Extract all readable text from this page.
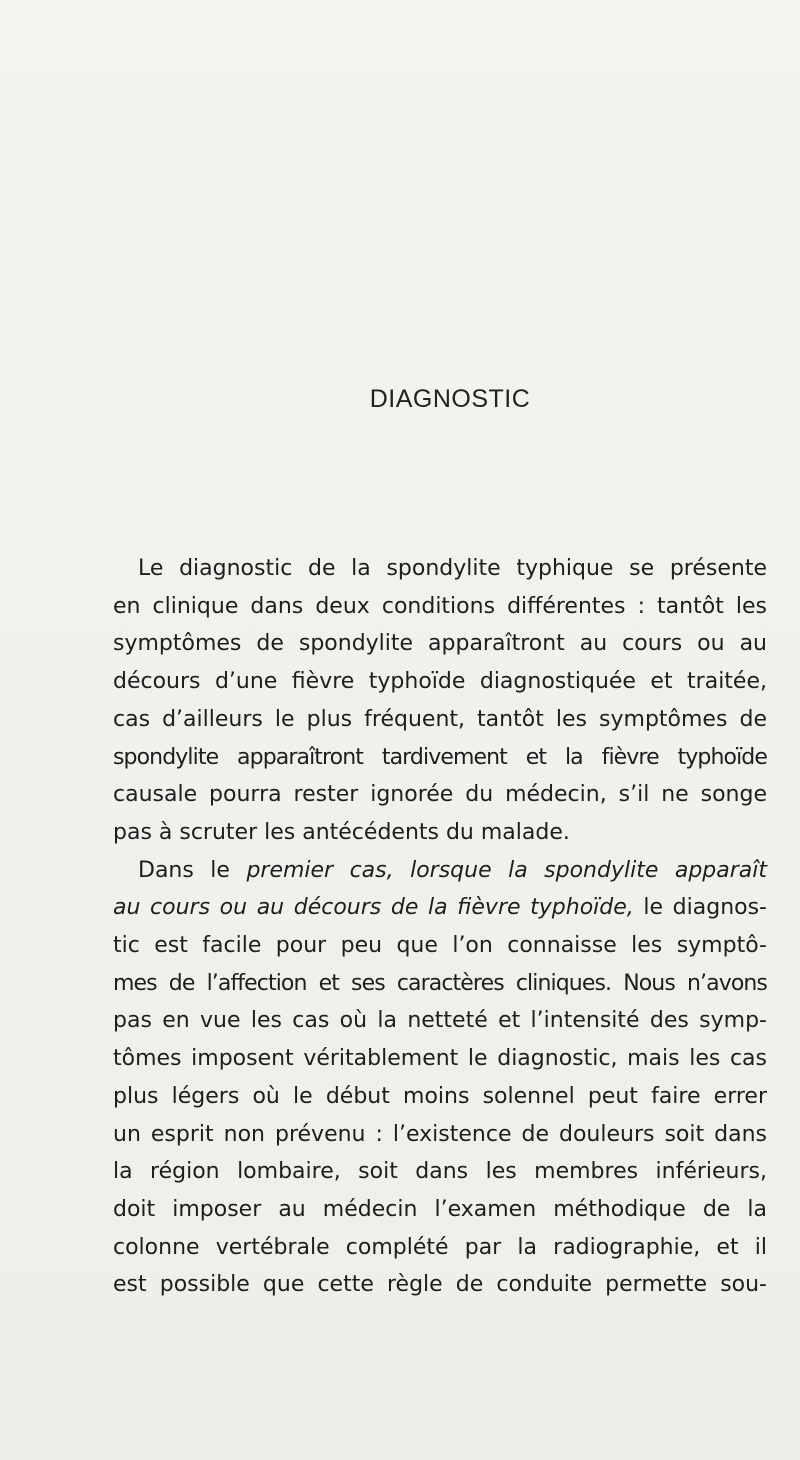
DIAGNOSTIC
Le diagnostic de la spondylite typhique se présente
en clinique dans deux conditions différentes : tantôt les
symptômes de spondylite apparaîtront au cours ou au
décours d’une fièvre typhoïde diagnostiquée et traitée,
cas d’ailleurs le plus fréquent, tantôt les symptômes de
spondylite apparaîtront tardivement et la fièvre typhoïde
causale pourra rester ignorée du médecin, s’il ne songe
pas à scruter les antécédents du malade.
Dans le premier cas, lorsque la spondylite apparaît
au cours ou au décours de la fièvre typhoïde, le diagnos-
tic est facile pour peu que l’on connaisse les symptô-
mes de l’affection et ses caractères cliniques. Nous n’avons
pas en vue les cas où la netteté et l’intensité des symp-
tômes imposent véritablement le diagnostic, mais les cas
plus légers où le début moins solennel peut faire errer
un esprit non prévenu : l’existence de douleurs soit dans
la région lombaire, soit dans les membres inférieurs,
doit imposer au médecin l’examen méthodique de la
colonne vertébrale complété par la radiographie, et il
est possible que cette règle de conduite permette sou-
